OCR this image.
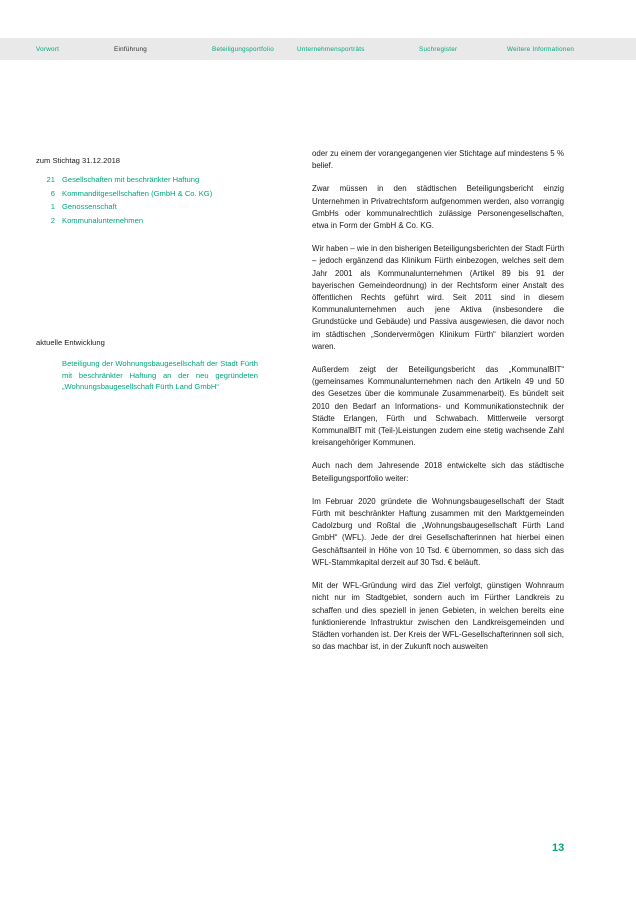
Vorwort	Einführung	Beteiligungsportfolio	Unternehmensporträts	Suchregister	Weitere Informationen

zum Stichtag 31.12.2018

21 Gesellschaften mit beschränkter Haftung
6 Kommanditgesellschaften (GmbH & Co. KG)
1 Genossenschaft
2 Kommunalunternehmen

aktuelle Entwicklung

Beteiligung der Wohnungsbaugesellschaft der Stadt Fürth mit beschränkter Haftung an der neu gegründeten „Wohnungsbaugesellschaft Fürth Land GmbH“

oder zu einem der vorangegangenen vier Stichtage auf mindestens 5 % belief.

Zwar müssen in den städtischen Beteiligungsbericht einzig Unternehmen in Privatrechtsform aufgenommen werden, also vorrangig GmbHs oder kommunalrechtlich zulässige Personengesellschaften, etwa in Form der GmbH & Co. KG.

Wir haben – wie in den bisherigen Beteiligungsberichten der Stadt Fürth – jedoch ergänzend das Klinikum Fürth einbezogen, welches seit dem Jahr 2001 als Kommunalunternehmen (Artikel 89 bis 91 der bayerischen Gemeindeordnung) in der Rechtsform einer Anstalt des öffentlichen Rechts geführt wird. Seit 2011 sind in diesem Kommunalunternehmen auch jene Aktiva (insbesondere die Grundstücke und Gebäude) und Passiva ausgewiesen, die davor noch im städtischen „Sondervermögen Klinikum Fürth“ bilanziert worden waren.

Außerdem zeigt der Beteiligungsbericht das „KommunalBIT“ (gemeinsames Kommunalunternehmen nach den Artikeln 49 und 50 des Gesetzes über die kommunale Zusammenarbeit). Es bündelt seit 2010 den Bedarf an Informations- und Kommunikationstechnik der Städte Erlangen, Fürth und Schwabach. Mittlerweile versorgt KommunalBIT mit (Teil-)Leistungen zudem eine stetig wachsende Zahl kreisangehöriger Kommunen.

Auch nach dem Jahresende 2018 entwickelte sich das städtische Beteiligungsportfolio weiter:

Im Februar 2020 gründete die Wohnungsbaugesellschaft der Stadt Fürth mit beschränkter Haftung zusammen mit den Marktgemeinden Cadolzburg und Roßtal die „Wohnungsbaugesellschaft Fürth Land GmbH“ (WFL). Jede der drei Gesellschafterinnen hat hierbei einen Geschäftsanteil in Höhe von 10 Tsd. € übernommen, so dass sich das WFL-Stammkapital derzeit auf 30 Tsd. € beläuft.

Mit der WFL-Gründung wird das Ziel verfolgt, günstigen Wohnraum nicht nur im Stadtgebiet, sondern auch im Fürther Landkreis zu schaffen und dies speziell in jenen Gebieten, in welchen bereits eine funktionierende Infrastruktur zwischen den Landkreisgemeinden und Städten vorhanden ist. Der Kreis der WFL-Gesellschafterinnen soll sich, so das machbar ist, in der Zukunft noch ausweiten

13
